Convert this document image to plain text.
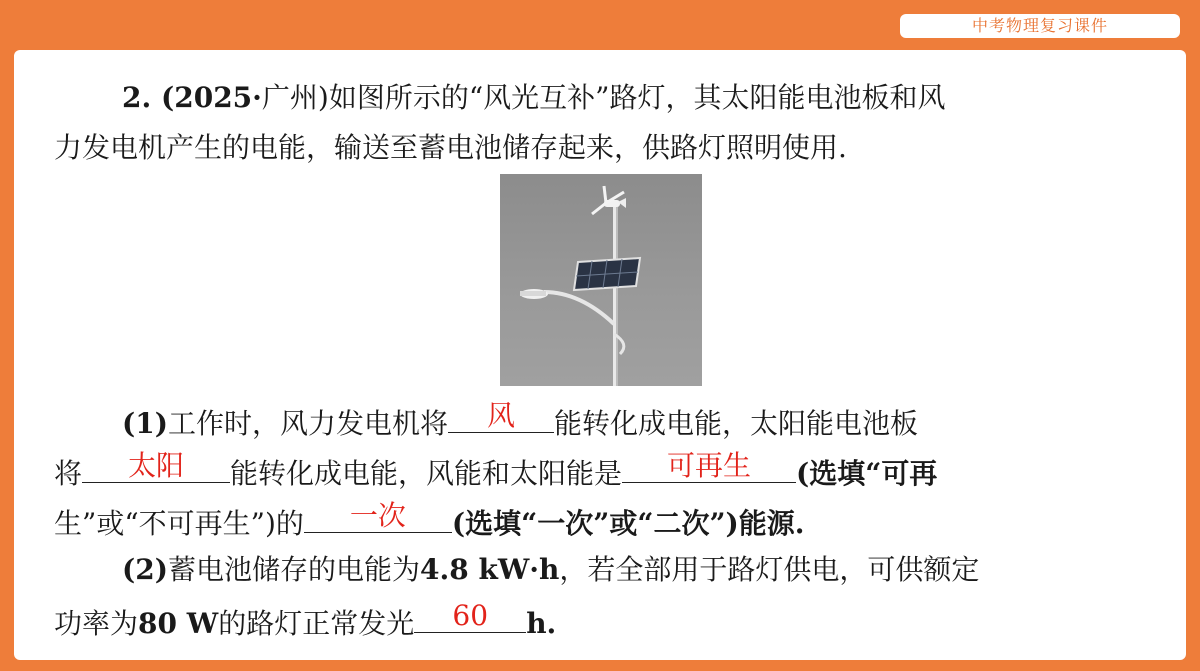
中考物理复习课件
2. (2025·广州)如图所示的“风光互补”路灯，其太阳能电池板和风
力发电机产生的电能，输送至蓄电池储存起来，供路灯照明使用.
(1)工作时，风力发电机将	风	能转化成电能，太阳能电池板
将	太阳	能转化成电能，风能和太阳能是	可再生	(选填“可再
生”或“不可再生”)的	一次	(选填“一次”或“二次”)能源.
(2)蓄电池储存的电能为4.8 kW·h，若全部用于路灯供电，可供额定
功率为80 W的路灯正常发光	60	h.
